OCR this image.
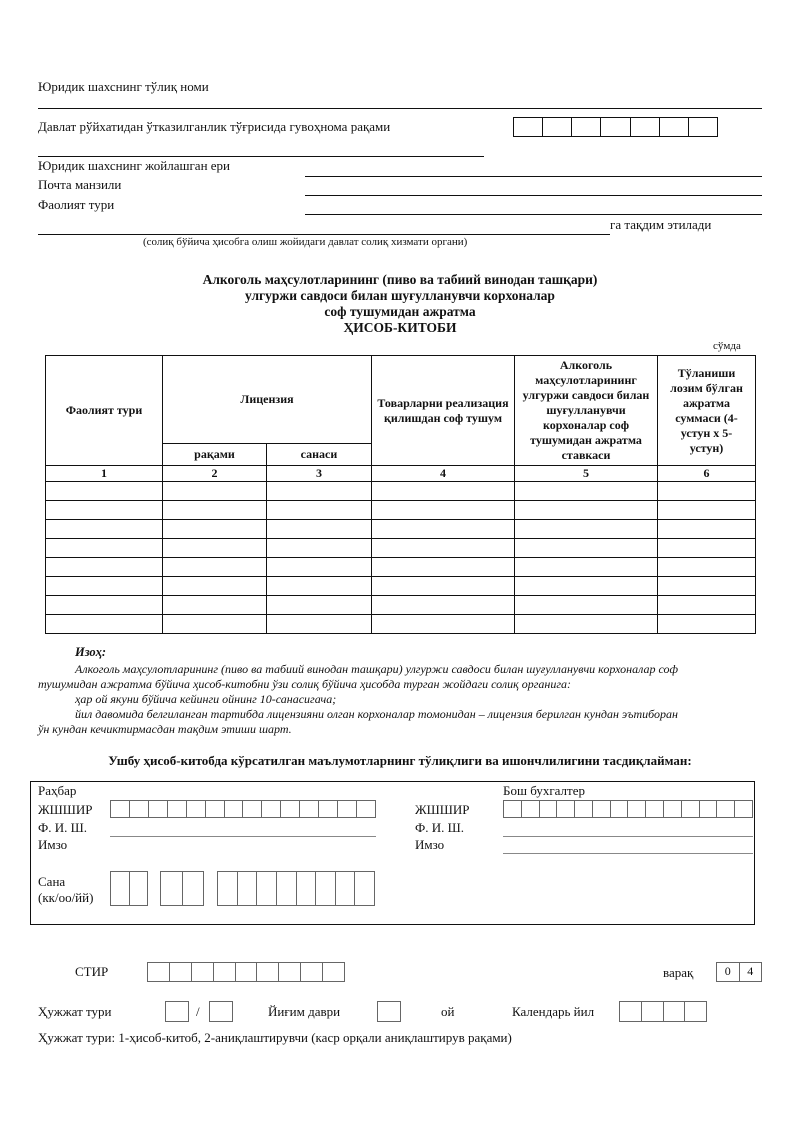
Юридик шахснинг тўлиқ номи
Давлат рўйхатидан ўтказилганлик тўғрисида гувоҳнома рақами
Юридик шахснинг жойлашган ери
Почта манзили
Фаолият тури
га тақдим этилади
(солиқ бўйича ҳисобга олиш жойидаги давлат солиқ хизмати органи)
Алкоголь маҳсулотларининг (пиво ва табиий винодан ташқари)
улгуржи савдоси билан шуғулланувчи корхоналар
соф тушумидан ажратма
ҲИСОБ-КИТОБИ
сўмда
Фаолият тури	Лицензия		Товарларни реализация қилишдан соф тушум	Алкоголь маҳсулотларининг улгуржи савдоси билан шуғулланувчи корхоналар соф тушумидан ажратма ставкаси	Тўланиши лозим бўлган ажратма суммаси (4-устун х 5-устун)
	рақами	санаси			
1	2	3	4	5	6

Изоҳ:
Алкоголь маҳсулотларининг (пиво ва табиий винодан ташқари) улгуржи савдоси билан шуғулланувчи корхоналар соф
тушумидан ажратма бўйича ҳисоб-китобни ўзи солиқ бўйича ҳисобда турган жойдаги солиқ органига:
ҳар ой якуни бўйича кейинги ойнинг 10-санасигача;
йил давомида белгиланган тартибда лицензияни олган корхоналар томонидан – лицензия берилган кундан эътиборан
ўн кундан кечиктирмасдан тақдим этиши шарт.
Ушбу ҳисоб-китобда кўрсатилган маълумотларнинг тўлиқлиги ва ишончлилигини тасдиқлайман:
Раҳбар
ЖШШИР
Ф. И. Ш.
Имзо
Бош бухгалтер
ЖШШИР
Ф. И. Ш.
Имзо
Сана
(кк/оо/йй)
СТИР	варақ	0	4
Ҳужжат тури	/	Йиғим даври	ой	Календарь йил
Ҳужжат тури: 1-ҳисоб-китоб, 2-аниқлаштирувчи (каср орқали аниқлаштирув рақами)
